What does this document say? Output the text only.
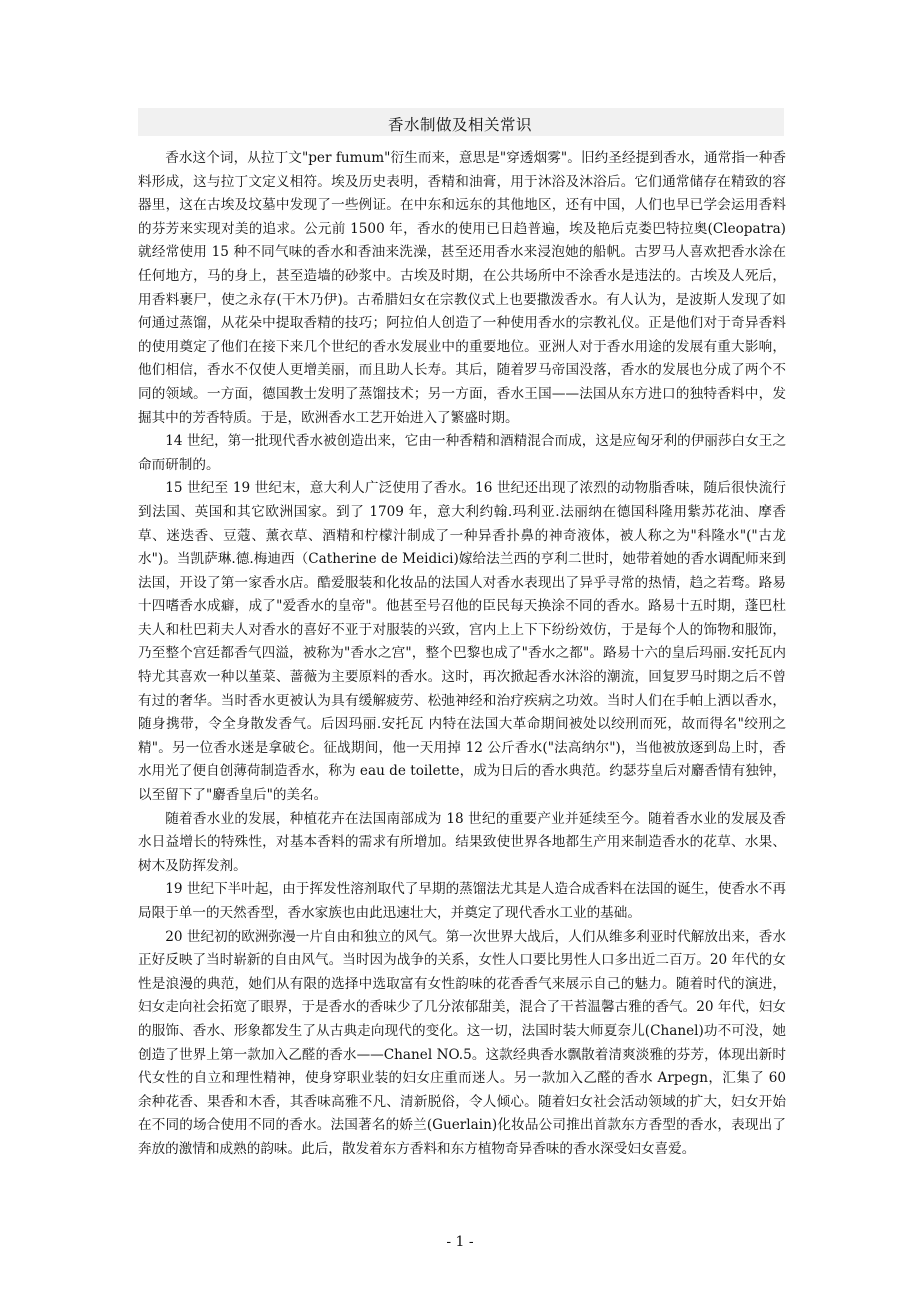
香水制做及相关常识

香水这个词，从拉丁文"per fumum"衍生而来，意思是"穿透烟雾"。旧约圣经提到香水，通常指一种香料形成，这与拉丁文定义相符。埃及历史表明，香精和油膏，用于沐浴及沐浴后。它们通常储存在精致的容器里，这在古埃及坟墓中发现了一些例证。在中东和远东的其他地区，还有中国，人们也早已学会运用香料的芬芳来实现对美的追求。公元前 1500 年，香水的使用已日趋普遍，埃及艳后克娄巴特拉奥(Cleopatra)就经常使用 15 种不同气味的香水和香油来洗澡，甚至还用香水来浸泡她的船帆。古罗马人喜欢把香水涂在任何地方，马的身上，甚至造墙的砂浆中。古埃及时期，在公共场所中不涂香水是违法的。古埃及人死后，用香料裹尸，使之永存(干木乃伊)。古希腊妇女在宗教仪式上也要撒泼香水。有人认为，是波斯人发现了如何通过蒸馏，从花朵中提取香精的技巧；阿拉伯人创造了一种使用香水的宗教礼仪。正是他们对于奇异香料的使用奠定了他们在接下来几个世纪的香水发展业中的重要地位。亚洲人对于香水用途的发展有重大影响，他们相信，香水不仅使人更增美丽，而且助人长寿。其后，随着罗马帝国没落，香水的发展也分成了两个不同的领域。一方面，德国教士发明了蒸馏技术；另一方面，香水王国——法国从东方进口的独特香料中，发掘其中的芳香特质。于是，欧洲香水工艺开始进入了繁盛时期。

14 世纪，第一批现代香水被创造出来，它由一种香精和酒精混合而成，这是应匈牙利的伊丽莎白女王之命而研制的。

15 世纪至 19 世纪末，意大利人广泛使用了香水。16 世纪还出现了浓烈的动物脂香味，随后很快流行到法国、英国和其它欧洲国家。到了 1709 年，意大利约翰.玛利亚.法丽纳在德国科隆用紫苏花油、摩香草、迷迭香、豆蔻、薰衣草、酒精和柠檬汁制成了一种异香扑鼻的神奇液体，被人称之为"科隆水"("古龙水")。当凯萨琳.德.梅迪西（Catherine de Meidici)嫁给法兰西的亨利二世时，她带着她的香水调配师来到法国，开设了第一家香水店。酷爱服装和化妆品的法国人对香水表现出了异乎寻常的热情，趋之若骛。路易十四嗜香水成癖，成了"爱香水的皇帝"。他甚至号召他的臣民每天换涂不同的香水。路易十五时期，蓬巴杜夫人和杜巴莉夫人对香水的喜好不亚于对服装的兴致，宫内上上下下纷纷效仿，于是每个人的饰物和服饰，乃至整个宫廷都香气四溢，被称为"香水之宫"，整个巴黎也成了"香水之都"。路易十六的皇后玛丽.安托瓦内特尤其喜欢一种以堇菜、蔷薇为主要原料的香水。这时，再次掀起香水沐浴的潮流，回复罗马时期之后不曾有过的奢华。当时香水更被认为具有缓解疲劳、松弛神经和治疗疾病之功效。当时人们在手帕上洒以香水，随身携带，令全身散发香气。后因玛丽.安托瓦 内特在法国大革命期间被处以绞刑而死，故而得名"绞刑之精"。另一位香水迷是拿破仑。征战期间，他一天用掉 12 公斤香水("法高纳尔")，当他被放逐到岛上时，香水用光了便自创薄荷制造香水，称为 eau de toilette，成为日后的香水典范。约瑟芬皇后对麝香情有独钟，以至留下了"麝香皇后"的美名。

随着香水业的发展，种植花卉在法国南部成为 18 世纪的重要产业并延续至今。随着香水业的发展及香水日益增长的特殊性，对基本香料的需求有所增加。结果致使世界各地都生产用来制造香水的花草、水果、树木及防挥发剂。

19 世纪下半叶起，由于挥发性溶剂取代了早期的蒸馏法尤其是人造合成香料在法国的诞生，使香水不再局限于单一的天然香型，香水家族也由此迅速壮大，并奠定了现代香水工业的基础。

20 世纪初的欧洲弥漫一片自由和独立的风气。第一次世界大战后，人们从维多利亚时代解放出来，香水正好反映了当时崭新的自由风气。当时因为战争的关系，女性人口要比男性人口多出近二百万。20 年代的女性是浪漫的典范，她们从有限的选择中选取富有女性韵味的花香香气来展示自己的魅力。随着时代的演进，妇女走向社会拓宽了眼界，于是香水的香味少了几分浓郁甜美，混合了干苔温馨古雅的香气。20 年代，妇女的服饰、香水、形象都发生了从古典走向现代的变化。这一切，法国时装大师夏奈儿(Chanel)功不可没，她创造了世界上第一款加入乙醛的香水——Chanel NO.5。这款经典香水飘散着清爽淡雅的芬芳，体现出新时代女性的自立和理性精神，使身穿职业装的妇女庄重而迷人。另一款加入乙醛的香水 Arpegn，汇集了 60 余种花香、果香和木香，其香味高雅不凡、清新脱俗，令人倾心。随着妇女社会活动领域的扩大，妇女开始在不同的场合使用不同的香水。法国著名的娇兰(Guerlain)化妆品公司推出首款东方香型的香水，表现出了奔放的激情和成熟的韵味。此后，散发着东方香料和东方植物奇异香味的香水深受妇女喜爱。

- 1 -
